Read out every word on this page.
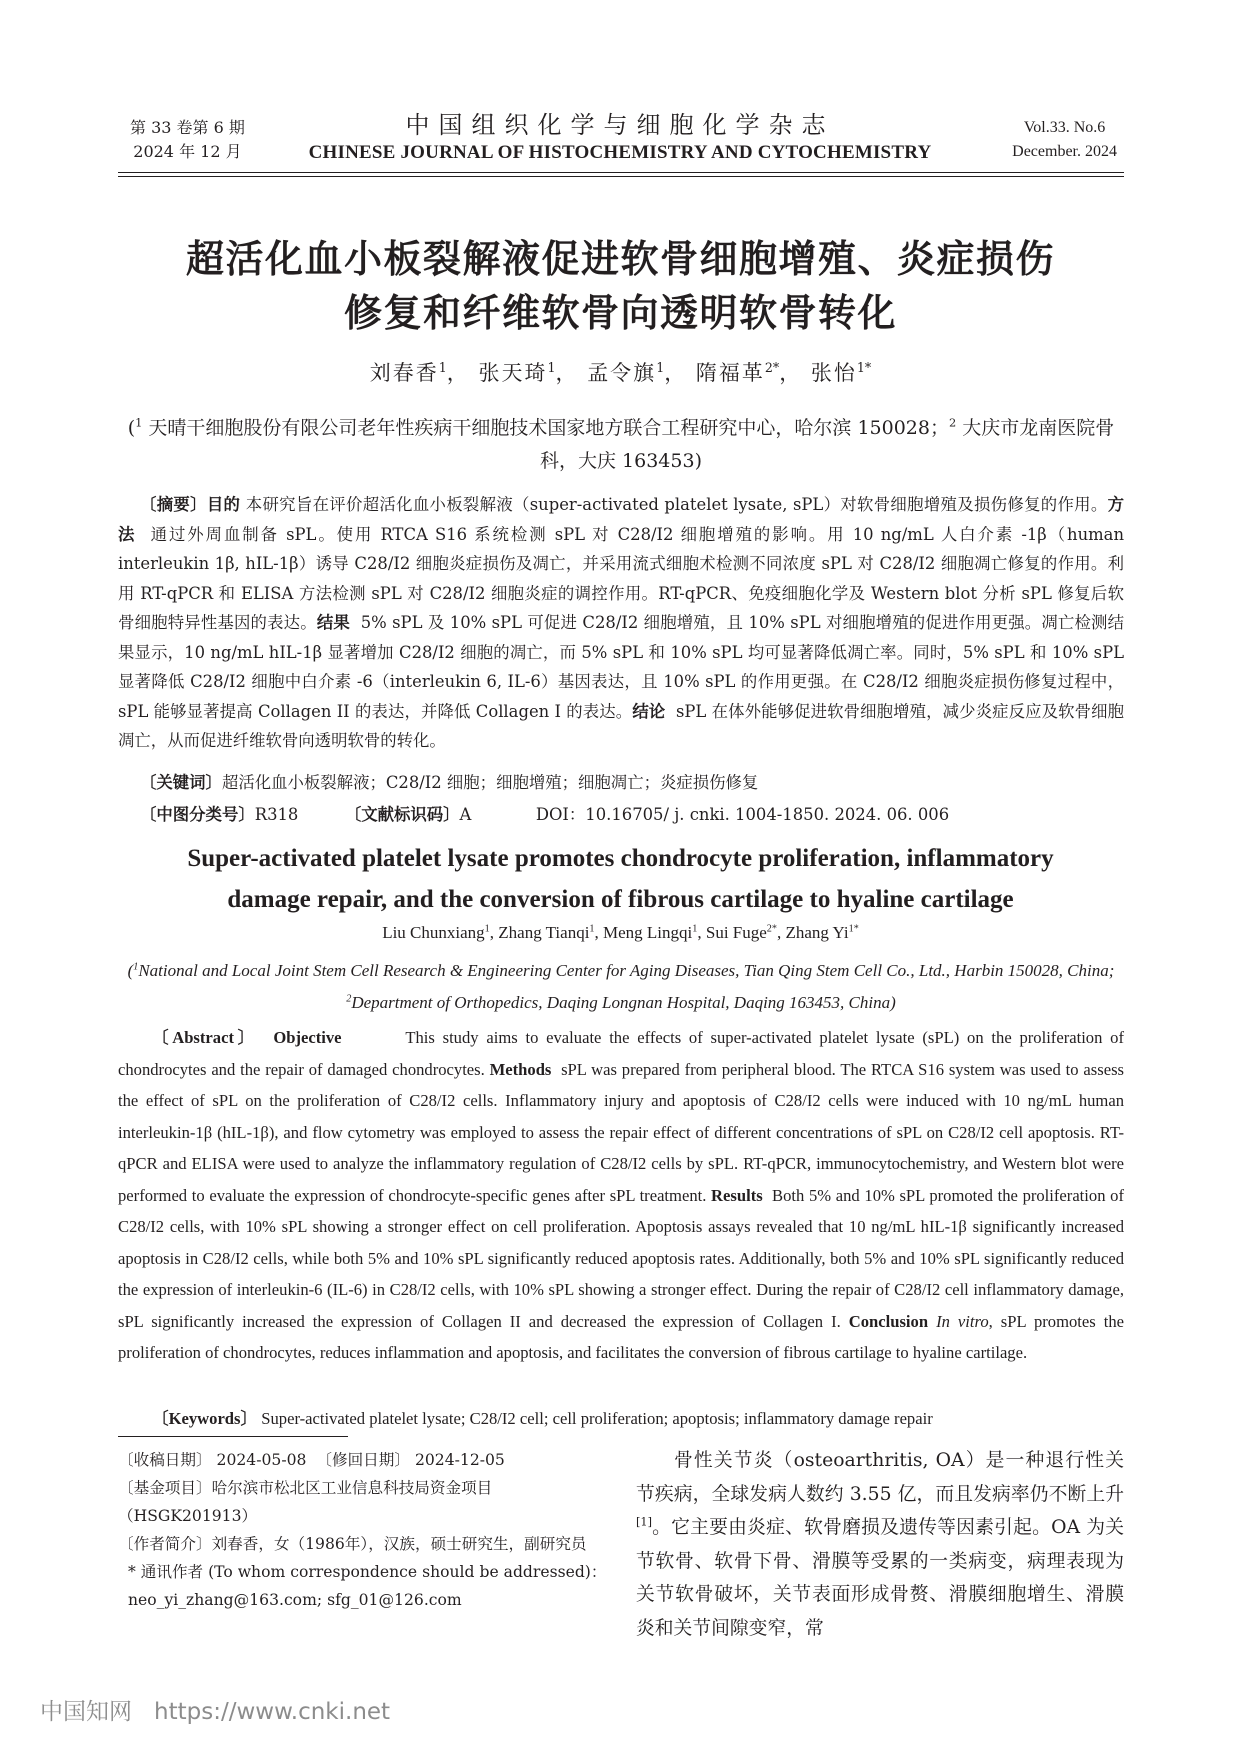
第 33 卷第 6 期
2024 年 12 月
中国组织化学与细胞化学杂志
CHINESE JOURNAL OF HISTOCHEMISTRY AND CYTOCHEMISTRY
Vol.33. No.6
December. 2024
超活化血小板裂解液促进软骨细胞增殖、炎症损伤
修复和纤维软骨向透明软骨转化
刘春香$^1$， 张天琦$^1$， 孟令旗$^1$， 隋福革$^{2*}$， 张怡$^{1*}$
($^1$ 天晴干细胞股份有限公司老年性疾病干细胞技术国家地方联合工程研究中心，哈尔滨 150028；$^2$ 大庆市龙南医院骨科，大庆 163453)

〔摘要〕目的 本研究旨在评价超活化血小板裂解液（super-activated platelet lysate, sPL）对软骨细胞增殖及损伤修复的作用。方法 通过外周血制备 sPL。使用 RTCA S16 系统检测 sPL 对 C28/I2 细胞增殖的影响。用 10 ng/mL 人白介素 -1β（human interleukin 1β, hIL-1β）诱导 C28/I2 细胞炎症损伤及凋亡，并采用流式细胞术检测不同浓度 sPL 对 C28/I2 细胞凋亡修复的作用。利用 RT-qPCR 和 ELISA 方法检测 sPL 对 C28/I2 细胞炎症的调控作用。RT-qPCR、免疫细胞化学及 Western blot 分析 sPL 修复后软骨细胞特异性基因的表达。结果 5% sPL 及 10% sPL 可促进 C28/I2 细胞增殖，且 10% sPL 对细胞增殖的促进作用更强。凋亡检测结果显示，10 ng/mL hIL-1β 显著增加 C28/I2 细胞的凋亡，而 5% sPL 和 10% sPL 均可显著降低凋亡率。同时，5% sPL 和 10% sPL 显著降低 C28/I2 细胞中白介素 -6（interleukin 6, IL-6）基因表达，且 10% sPL 的作用更强。在 C28/I2 细胞炎症损伤修复过程中，sPL 能够显著提高 Collagen II 的表达，并降低 Collagen I 的表达。结论 sPL 在体外能够促进软骨细胞增殖，减少炎症反应及软骨细胞凋亡，从而促进纤维软骨向透明软骨的转化。

〔关键词〕超活化血小板裂解液；C28/I2 细胞；细胞增殖；细胞凋亡；炎症损伤修复
〔中图分类号〕R318	〔文献标识码〕A	DOI：10.16705/ j. cnki. 1004-1850. 2024. 06. 006
Super-activated platelet lysate promotes chondrocyte proliferation, inflammatory
damage repair, and the conversion of fibrous cartilage to hyaline cartilage
Liu Chunxiang$^1$, Zhang Tianqi$^1$, Meng Lingqi$^1$, Sui Fuge$^{2*}$, Zhang $Yi^{1*}$
($^1$National and Local Joint Stem Cell Research & Engineering Center for Aging Diseases, Tian Qing Stem Cell Co., Ltd., Harbin 150028, China; $^2$Department of Orthopedics, Daqing Longnan Hospital, Daqing 163453, China)

〔Abstract〕 Objective	This study aims to evaluate the effects of super-activated platelet lysate (sPL) on the proliferation of chondrocytes and the repair of damaged chondrocytes. Methods sPL was prepared from peripheral blood. The RTCA S16 system was used to assess the effect of sPL on the proliferation of C28/I2 cells. Inflammatory injury and apoptosis of C28/I2 cells were induced with 10 ng/mL human interleukin-1β (hIL-1β), and flow cytometry was employed to assess the repair effect of different concentrations of sPL on C28/I2 cell apoptosis. RT-qPCR and ELISA were used to analyze the inflammatory regulation of C28/I2 cells by sPL. RT-qPCR, immunocytochemistry, and Western blot were performed to evaluate the expression of chondrocyte-specific genes after sPL treatment. Results Both 5% and 10% sPL promoted the proliferation of C28/I2 cells, with 10% sPL showing a stronger effect on cell proliferation. Apoptosis assays revealed that 10 ng/mL hIL-1β significantly increased apoptosis in C28/I2 cells, while both 5% and 10% sPL significantly reduced apoptosis rates. Additionally, both 5% and 10% sPL significantly reduced the expression of interleukin-6 (IL-6) in C28/I2 cells, with 10% sPL showing a stronger effect. During the repair of C28/I2 cell inflammatory damage, sPL significantly increased the expression of Collagen II and decreased the expression of Collagen I. Conclusion In vitro, sPL promotes the proliferation of chondrocytes, reduces inflammation and apoptosis, and facilitates the conversion of fibrous cartilage to hyaline cartilage.

〔Keywords〕 Super-activated platelet lysate; C28/I2 cell; cell proliferation; apoptosis; inflammatory damage repair

〔收稿日期〕 2024-05-08 〔修回日期〕 2024-12-05

〔基金项目〕哈尔滨市松北区工业信息科技局资金项目（HSGK201913）

〔作者简介〕刘春香，女（1986年），汉族，硕士研究生，副研究员

* 通讯作者 (To whom correspondence should be addressed)：

neo_yi_zhang@163.com; sfg_01@126.com

骨性关节炎（osteoarthritis, OA）是一种退行性关节疾病，全球发病人数约 3.55 亿，而且发病率仍不断上升[1]。它主要由炎症、软骨磨损及遗传等因素引起。OA 为关节软骨、软骨下骨、滑膜等受累的一类病变，病理表现为关节软骨破坏，关节表面形成骨赘、滑膜细胞增生、滑膜炎和关节间隙变窄，常

中国知网 https://www.cnki.net
